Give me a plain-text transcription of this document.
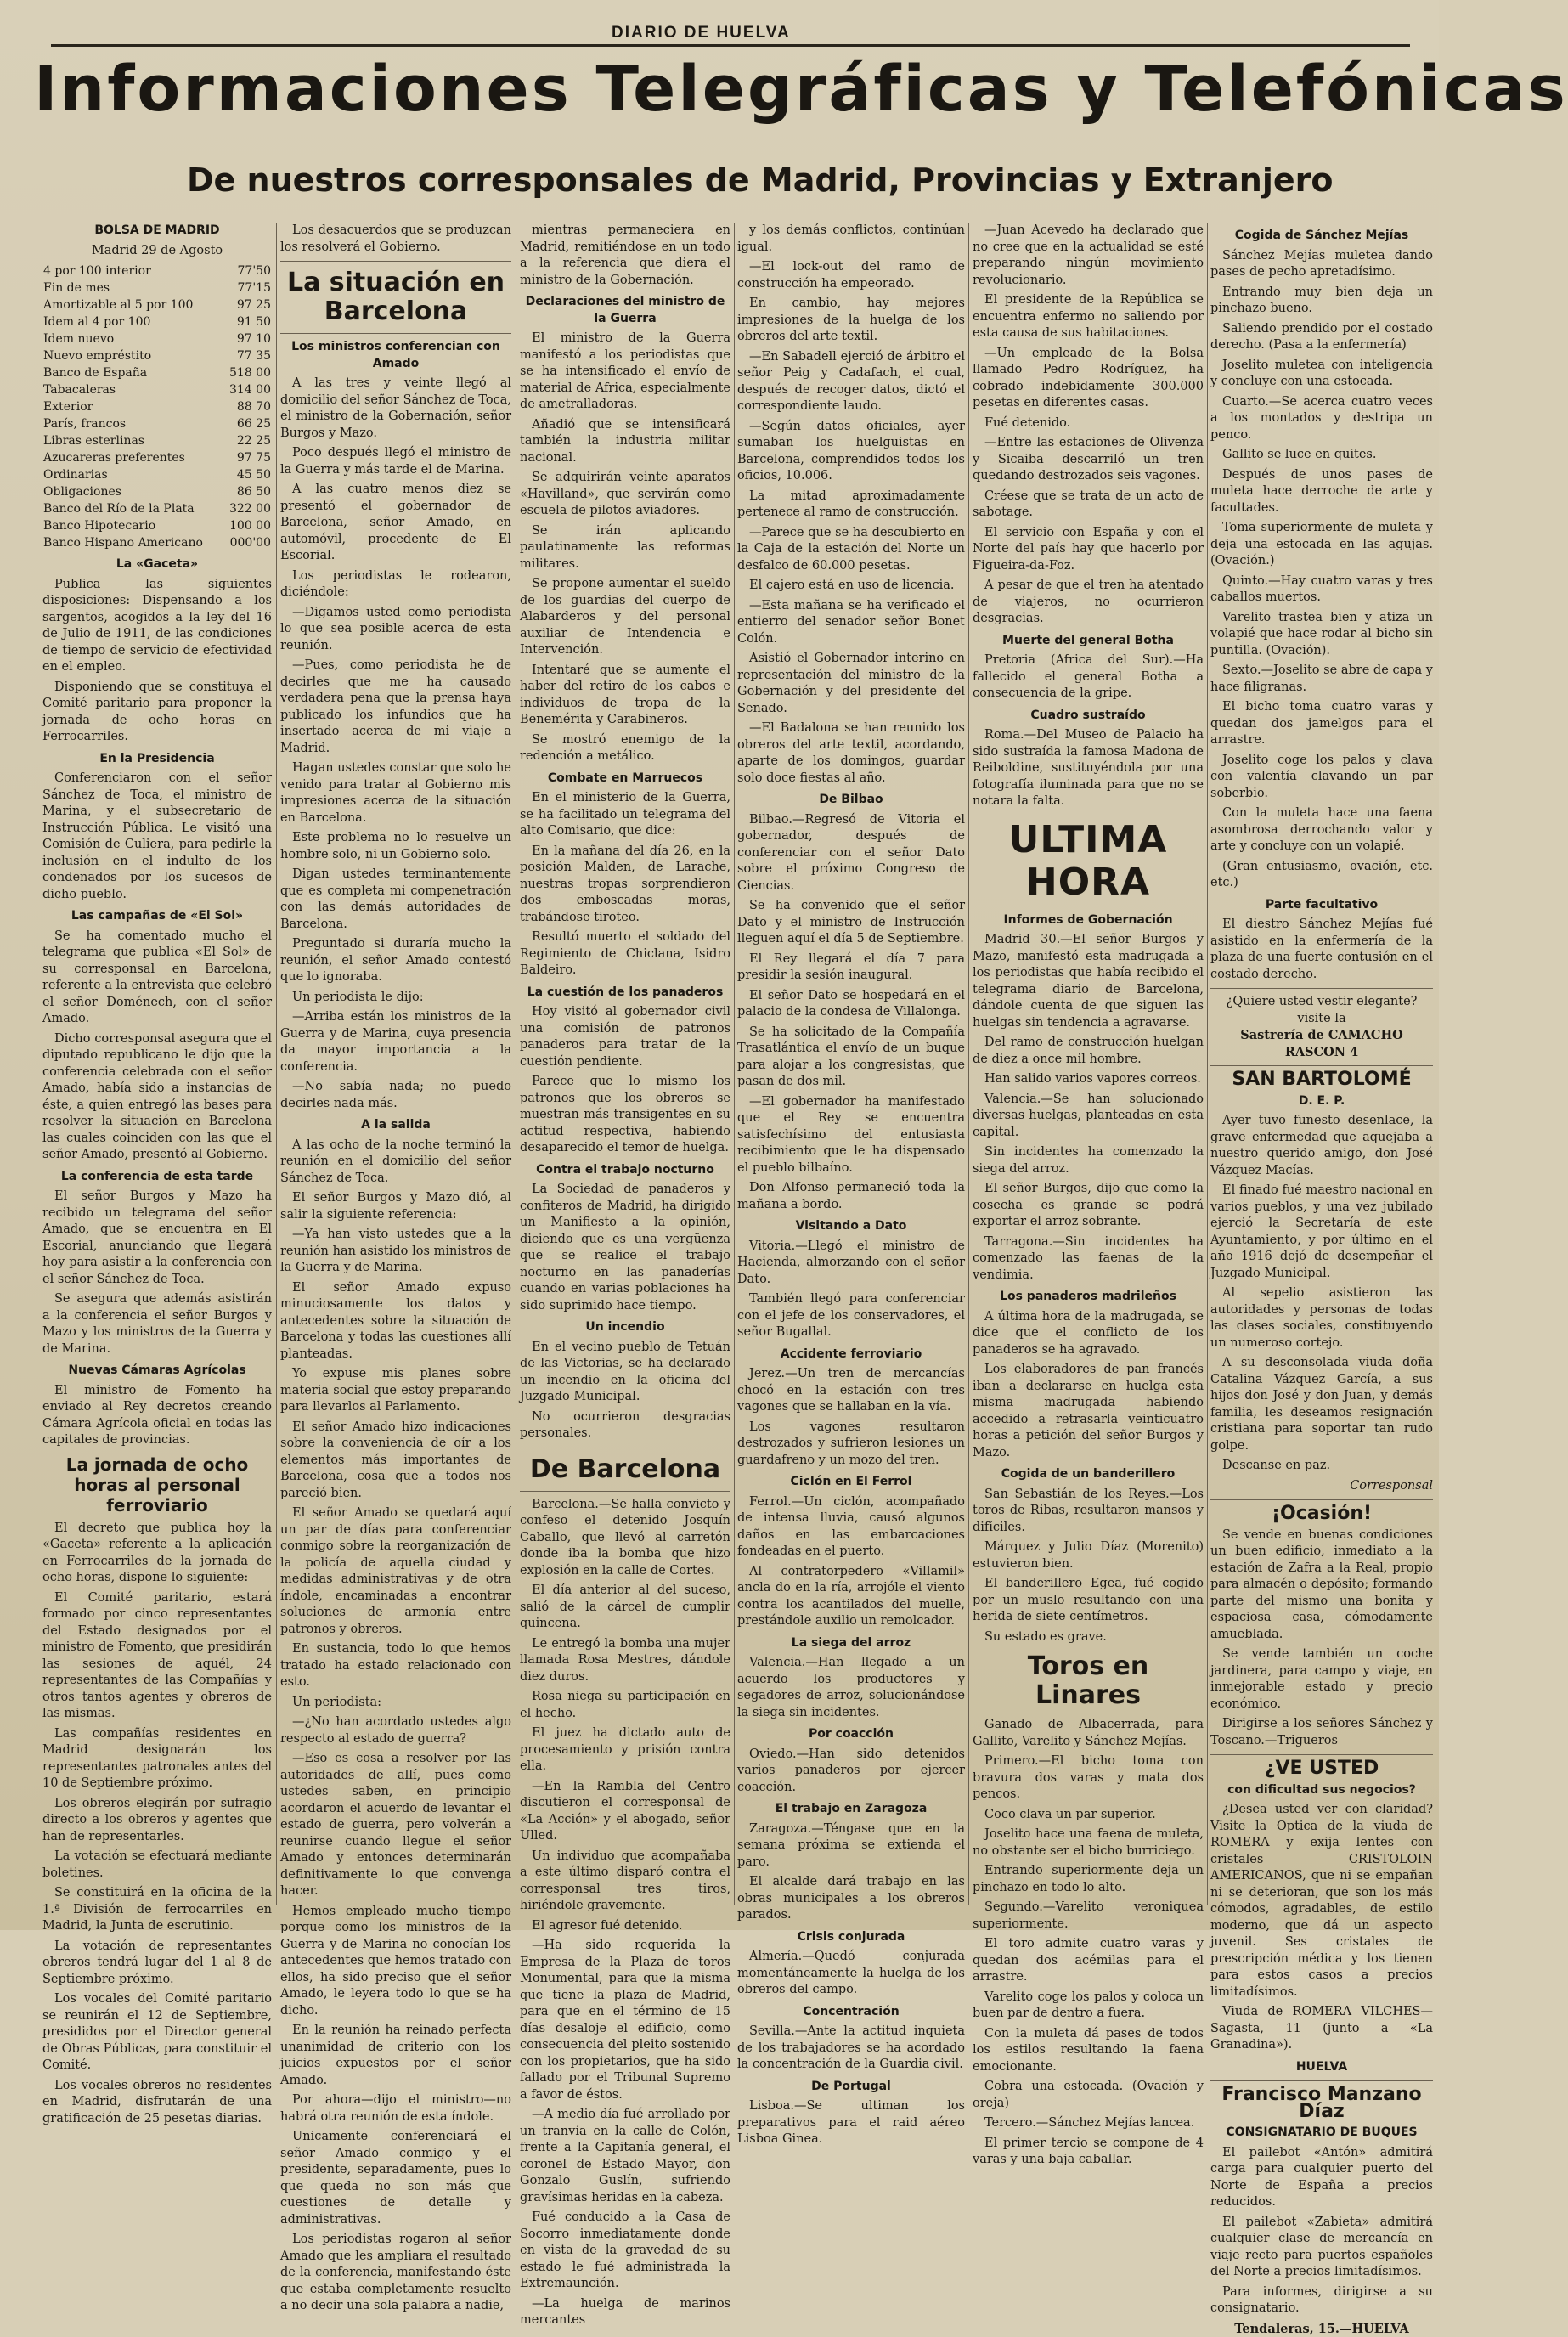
DIARIO DE HUELVA
Informaciones Telegráficas y Telefónicas
De nuestros corresponsales de Madrid, Provincias y Extranjero
BOLSA DE MADRID
Madrid 29 de Agosto
4 por 100 interior	77'50
Fin de mes	77'15
Amortizable al 5 por 100	97 25
Idem al 4 por 100	91 50
Idem nuevo	97 10
Nuevo empréstito	77 35
Banco de España	518 00
Tabacaleras	314 00
Exterior	88 70
París, francos	66 25
Libras esterlinas	22 25
Azucareras preferentes	97 75
Ordinarias	45 50
Obligaciones	86 50
Banco del Río de la Plata	322 00
Banco Hipotecario	100 00
Banco Hispano Americano	000'00
La «Gaceta»

Publica las siguientes disposiciones: Dispensando a los sargentos, acogidos a la ley del 16 de Julio de 1911, de las condiciones de tiempo de servicio de efectividad en el empleo.

Disponiendo que se constituya el Comité paritario para proponer la jornada de ocho horas en Ferrocarriles.

En la Presidencia

Conferenciaron con el señor Sánchez de Toca, el ministro de Marina, y el subsecretario de Instrucción Pública. Le visitó una Comisión de Culiera, para pedirle la inclusión en el indulto de los condenados por los sucesos de dicho pueblo.

Las campañas de «El Sol»

Se ha comentado mucho el telegrama que publica «El Sol» de su corresponsal en Barcelona, referente a la entrevista que celebró el señor Doménech, con el señor Amado.

Dicho corresponsal asegura que el diputado republicano le dijo que la conferencia celebrada con el señor Amado, había sido a instancias de éste, a quien entregó las bases para resolver la situación en Barcelona las cuales coinciden con las que el señor Amado, presentó al Gobierno.

La conferencia de esta tarde

El señor Burgos y Mazo ha recibido un telegrama del señor Amado, que se encuentra en El Escorial, anunciando que llegará hoy para asistir a la conferencia con el señor Sánchez de Toca.

Se asegura que además asistirán a la conferencia el señor Burgos y Mazo y los ministros de la Guerra y de Marina.

Nuevas Cámaras Agrícolas

El ministro de Fomento ha enviado al Rey decretos creando Cámara Agrícola oficial en todas las capitales de provincias.

La jornada de ocho horas al personal ferroviario

El decreto que publica hoy la «Gaceta» referente a la aplicación en Ferrocarriles de la jornada de ocho horas, dispone lo siguiente:

El Comité paritario, estará formado por cinco representantes del Estado designados por el ministro de Fomento, que presidirán las sesiones de aquél, 24 representantes de las Compañías y otros tantos agentes y obreros de las mismas.

Las compañías residentes en Madrid designarán los representantes patronales antes del 10 de Septiembre próximo.

Los obreros elegirán por sufragio directo a los obreros y agentes que han de representarles.

La votación se efectuará mediante boletines.

Se constituirá en la oficina de la 1.ª División de ferrocarriles en Madrid, la Junta de escrutinio.

La votación de representantes obreros tendrá lugar del 1 al 8 de Septiembre próximo.

Los vocales del Comité paritario se reunirán el 12 de Septiembre, presididos por el Director general de Obras Públicas, para constituir el Comité.

Los vocales obreros no residentes en Madrid, disfrutarán de una gratificación de 25 pesetas diarias.

Los desacuerdos que se produzcan los resolverá el Gobierno.

La situación en Barcelona
Los ministros conferencian con Amado

A las tres y veinte llegó al domicilio del señor Sánchez de Toca, el ministro de la Gobernación, señor Burgos y Mazo.

Poco después llegó el ministro de la Guerra y más tarde el de Marina.

A las cuatro menos diez se presentó el gobernador de Barcelona, señor Amado, en automóvil, procedente de El Escorial.

Los periodistas le rodearon, diciéndole:

—Digamos usted como periodista lo que sea posible acerca de esta reunión.

—Pues, como periodista he de decirles que me ha causado verdadera pena que la prensa haya publicado los infundios que ha insertado acerca de mi viaje a Madrid.

Hagan ustedes constar que solo he venido para tratar al Gobierno mis impresiones acerca de la situación en Barcelona.

Este problema no lo resuelve un hombre solo, ni un Gobierno solo.

Digan ustedes terminantemente que es completa mi compenetración con las demás autoridades de Barcelona.

Preguntado si duraría mucho la reunión, el señor Amado contestó que lo ignoraba.

Un periodista le dijo:

—Arriba están los ministros de la Guerra y de Marina, cuya presencia da mayor importancia a la conferencia.

—No sabía nada; no puedo decirles nada más.

A la salida

A las ocho de la noche terminó la reunión en el domicilio del señor Sánchez de Toca.

El señor Burgos y Mazo dió, al salir la siguiente referencia:

—Ya han visto ustedes que a la reunión han asistido los ministros de la Guerra y de Marina.

El señor Amado expuso minuciosamente los datos y antecedentes sobre la situación de Barcelona y todas las cuestiones allí planteadas.

Yo expuse mis planes sobre materia social que estoy preparando para llevarlos al Parlamento.

El señor Amado hizo indicaciones sobre la conveniencia de oír a los elementos más importantes de Barcelona, cosa que a todos nos pareció bien.

El señor Amado se quedará aquí un par de días para conferenciar conmigo sobre la reorganización de la policía de aquella ciudad y medidas administrativas y de otra índole, encaminadas a encontrar soluciones de armonía entre patronos y obreros.

En sustancia, todo lo que hemos tratado ha estado relacionado con esto.

Un periodista:

—¿No han acordado ustedes algo respecto al estado de guerra?

—Eso es cosa a resolver por las autoridades de allí, pues como ustedes saben, en principio acordaron el acuerdo de levantar el estado de guerra, pero volverán a reunirse cuando llegue el señor Amado y entonces determinarán definitivamente lo que convenga hacer.

Hemos empleado mucho tiempo porque como los ministros de la Guerra y de Marina no conocían los antecedentes que hemos tratado con ellos, ha sido preciso que el señor Amado, le leyera todo lo que se ha dicho.

En la reunión ha reinado perfecta unanimidad de criterio con los juicios expuestos por el señor Amado.

Por ahora—dijo el ministro—no habrá otra reunión de esta índole.

Unicamente conferenciará el señor Amado conmigo y el presidente, separadamente, pues lo que queda no son más que cuestiones de detalle y administrativas.

Los periodistas rogaron al señor Amado que les ampliara el resultado de la conferencia, manifestando éste que estaba completamente resuelto a no decir una sola palabra a nadie,

mientras permaneciera en Madrid, remitiéndose en un todo a la referencia que diera el ministro de la Gobernación.

Declaraciones del ministro de la Guerra

El ministro de la Guerra manifestó a los periodistas que se ha intensificado el envío de material de Africa, especialmente de ametralladoras.

Añadió que se intensificará también la industria militar nacional.

Se adquirirán veinte aparatos «Havilland», que servirán como escuela de pilotos aviadores.

Se irán aplicando paulatinamente las reformas militares.

Se propone aumentar el sueldo de los guardias del cuerpo de Alabarderos y del personal auxiliar de Intendencia e Intervención.

Intentaré que se aumente el haber del retiro de los cabos e individuos de tropa de la Benemérita y Carabineros.

Se mostró enemigo de la redención a metálico.

Combate en Marruecos

En el ministerio de la Guerra, se ha facilitado un telegrama del alto Comisario, que dice:

En la mañana del día 26, en la posición Malden, de Larache, nuestras tropas sorprendieron dos emboscadas moras, trabándose tiroteo.

Resultó muerto el soldado del Regimiento de Chiclana, Isidro Baldeiro.

La cuestión de los panaderos

Hoy visitó al gobernador civil una comisión de patronos panaderos para tratar de la cuestión pendiente.

Parece que lo mismo los patronos que los obreros se muestran más transigentes en su actitud respectiva, habiendo desaparecido el temor de huelga.

Contra el trabajo nocturno

La Sociedad de panaderos y confiteros de Madrid, ha dirigido un Manifiesto a la opinión, diciendo que es una vergüenza que se realice el trabajo nocturno en las panaderías cuando en varias poblaciones ha sido suprimido hace tiempo.

Un incendio

En el vecino pueblo de Tetuán de las Victorias, se ha declarado un incendio en la oficina del Juzgado Municipal.

No ocurrieron desgracias personales.

De Barcelona

Barcelona.—Se halla convicto y confeso el detenido Josquín Caballo, que llevó al carretón donde iba la bomba que hizo explosión en la calle de Cortes.

El día anterior al del suceso, salió de la cárcel de cumplir quincena.

Le entregó la bomba una mujer llamada Rosa Mestres, dándole diez duros.

Rosa niega su participación en el hecho.

El juez ha dictado auto de procesamiento y prisión contra ella.

—En la Rambla del Centro discutieron el corresponsal de «La Acción» y el abogado, señor Ulled.

Un individuo que acompañaba a este último disparó contra el corresponsal tres tiros, hiriéndole gravemente.

El agresor fué detenido.

—Ha sido requerida la Empresa de la Plaza de toros Monumental, para que la misma que tiene la plaza de Madrid, para que en el término de 15 días desaloje el edificio, como consecuencia del pleito sostenido con los propietarios, que ha sido fallado por el Tribunal Supremo a favor de éstos.

—A medio día fué arrollado por un tranvía en la calle de Colón, frente a la Capitanía general, el coronel de Estado Mayor, don Gonzalo Guslín, sufriendo gravísimas heridas en la cabeza.

Fué conducido a la Casa de Socorro inmediatamente donde en vista de la gravedad de su estado le fué administrada la Extremaunción.

—La huelga de marinos mercantes

y los demás conflictos, continúan igual.

—El lock-out del ramo de construcción ha empeorado.

En cambio, hay mejores impresiones de la huelga de los obreros del arte textil.

—En Sabadell ejerció de árbitro el señor Peig y Cadafach, el cual, después de recoger datos, dictó el correspondiente laudo.

—Según datos oficiales, ayer sumaban los huelguistas en Barcelona, comprendidos todos los oficios, 10.006.

La mitad aproximadamente pertenece al ramo de construcción.

—Parece que se ha descubierto en la Caja de la estación del Norte un desfalco de 60.000 pesetas.

El cajero está en uso de licencia.

—Esta mañana se ha verificado el entierro del senador señor Bonet Colón.

Asistió el Gobernador interino en representación del ministro de la Gobernación y del presidente del Senado.

—El Badalona se han reunido los obreros del arte textil, acordando, aparte de los domingos, guardar solo doce fiestas al año.

De Bilbao

Bilbao.—Regresó de Vitoria el gobernador, después de conferenciar con el señor Dato sobre el próximo Congreso de Ciencias.

Se ha convenido que el señor Dato y el ministro de Instrucción lleguen aquí el día 5 de Septiembre.

El Rey llegará el día 7 para presidir la sesión inaugural.

El señor Dato se hospedará en el palacio de la condesa de Villalonga.

Se ha solicitado de la Compañía Trasatlántica el envío de un buque para alojar a los congresistas, que pasan de dos mil.

—El gobernador ha manifestado que el Rey se encuentra satisfechísimo del entusiasta recibimiento que le ha dispensado el pueblo bilbaíno.

Don Alfonso permaneció toda la mañana a bordo.

Visitando a Dato

Vitoria.—Llegó el ministro de Hacienda, almorzando con el señor Dato.

También llegó para conferenciar con el jefe de los conservadores, el señor Bugallal.

Accidente ferroviario

Jerez.—Un tren de mercancías chocó en la estación con tres vagones que se hallaban en la vía.

Los vagones resultaron destrozados y sufrieron lesiones un guardafreno y un mozo del tren.

Ciclón en El Ferrol

Ferrol.—Un ciclón, acompañado de intensa lluvia, causó algunos daños en las embarcaciones fondeadas en el puerto.

Al contratorpedero «Villamil» ancla do en la ría, arrojóle el viento contra los acantilados del muelle, prestándole auxilio un remolcador.

La siega del arroz

Valencia.—Han llegado a un acuerdo los productores y segadores de arroz, solucionándose la siega sin incidentes.

Por coacción

Oviedo.—Han sido detenidos varios panaderos por ejercer coacción.

El trabajo en Zaragoza

Zaragoza.—Téngase que en la semana próxima se extienda el paro.

El alcalde dará trabajo en las obras municipales a los obreros parados.

Crisis conjurada

Almería.—Quedó conjurada momentáneamente la huelga de los obreros del campo.

Concentración

Sevilla.—Ante la actitud inquieta de los trabajadores se ha acordado la concentración de la Guardia civil.

De Portugal

Lisboa.—Se ultiman los preparativos para el raid aéreo Lisboa Ginea.

—Juan Acevedo ha declarado que no cree que en la actualidad se esté preparando ningún movimiento revolucionario.

El presidente de la República se encuentra enfermo no saliendo por esta causa de sus habitaciones.

—Un empleado de la Bolsa llamado Pedro Rodríguez, ha cobrado indebidamente 300.000 pesetas en diferentes casas.

Fué detenido.

—Entre las estaciones de Olivenza y Sicaiba descarriló un tren quedando destrozados seis vagones.

Créese que se trata de un acto de sabotage.

El servicio con España y con el Norte del país hay que hacerlo por Figueira-da-Foz.

A pesar de que el tren ha atentado de viajeros, no ocurrieron desgracias.

Muerte del general Botha

Pretoria (Africa del Sur).—Ha fallecido el general Botha a consecuencia de la gripe.

Cuadro sustraído

Roma.—Del Museo de Palacio ha sido sustraída la famosa Madona de Reiboldine, sustituyéndola por una fotografía iluminada para que no se notara la falta.

ULTIMA HORA
Informes de Gobernación

Madrid 30.—El señor Burgos y Mazo, manifestó esta madrugada a los periodistas que había recibido el telegrama diario de Barcelona, dándole cuenta de que siguen las huelgas sin tendencia a agravarse.

Del ramo de construcción huelgan de diez a once mil hombre.

Han salido varios vapores correos.

Valencia.—Se han solucionado diversas huelgas, planteadas en esta capital.

Sin incidentes ha comenzado la siega del arroz.

El señor Burgos, dijo que como la cosecha es grande se podrá exportar el arroz sobrante.

Tarragona.—Sin incidentes ha comenzado las faenas de la vendimia.

Los panaderos madrileños

A última hora de la madrugada, se dice que el conflicto de los panaderos se ha agravado.

Los elaboradores de pan francés iban a declararse en huelga esta misma madrugada habiendo accedido a retrasarla veinticuatro horas a petición del señor Burgos y Mazo.

Cogida de un banderillero

San Sebastián de los Reyes.—Los toros de Ribas, resultaron mansos y difíciles.

Márquez y Julio Díaz (Morenito) estuvieron bien.

El banderillero Egea, fué cogido por un muslo resultando con una herida de siete centímetros.

Su estado es grave.

Toros en Linares

Ganado de Albacerrada, para Gallito, Varelito y Sánchez Mejías.

Primero.—El bicho toma con bravura dos varas y mata dos pencos.

Coco clava un par superior.

Joselito hace una faena de muleta, no obstante ser el bicho burriciego.

Entrando superiormente deja un pinchazo en todo lo alto.

Segundo.—Varelito veroniquea superiormente.

El toro admite cuatro varas y quedan dos acémilas para el arrastre.

Varelito coge los palos y coloca un buen par de dentro a fuera.

Con la muleta dá pases de todos los estilos resultando la faena emocionante.

Cobra una estocada. (Ovación y oreja)

Tercero.—Sánchez Mejías lancea.

El primer tercio se compone de 4 varas y una baja caballar.

Cogida de Sánchez Mejías

Sánchez Mejías muletea dando pases de pecho apretadísimo.

Entrando muy bien deja un pinchazo bueno.

Saliendo prendido por el costado derecho. (Pasa a la enfermería)

Joselito muletea con inteligencia y concluye con una estocada.

Cuarto.—Se acerca cuatro veces a los montados y destripa un penco.

Gallito se luce en quites.

Después de unos pases de muleta hace derroche de arte y facultades.

Toma superiormente de muleta y deja una estocada en las agujas. (Ovación.)

Quinto.—Hay cuatro varas y tres caballos muertos.

Varelito trastea bien y atiza un volapié que hace rodar al bicho sin puntilla. (Ovación).

Sexto.—Joselito se abre de capa y hace filigranas.

El bicho toma cuatro varas y quedan dos jamelgos para el arrastre.

Joselito coge los palos y clava con valentía clavando un par soberbio.

Con la muleta hace una faena asombrosa derrochando valor y arte y concluye con un volapié.

(Gran entusiasmo, ovación, etc. etc.)

Parte facultativo

El diestro Sánchez Mejías fué asistido en la enfermería de la plaza de una fuerte contusión en el costado derecho.

¿Quiere usted vestir elegante?
visite la
Sastrería de CAMACHO
RASCON 4
SAN BARTOLOMÉ
D. E. P.

Ayer tuvo funesto desenlace, la grave enfermedad que aquejaba a nuestro querido amigo, don José Vázquez Macías.

El finado fué maestro nacional en varios pueblos, y una vez jubilado ejerció la Secretaría de este Ayuntamiento, y por último en el año 1916 dejó de desempeñar el Juzgado Municipal.

Al sepelio asistieron las autoridades y personas de todas las clases sociales, constituyendo un numeroso cortejo.

A su desconsolada viuda doña Catalina Vázquez García, a sus hijos don José y don Juan, y demás familia, les deseamos resignación cristiana para soportar tan rudo golpe.

Descanse en paz.

Corresponsal
¡Ocasión!

Se vende en buenas condiciones un buen edificio, inmediato a la estación de Zafra a la Real, propio para almacén o depósito; formando parte del mismo una bonita y espaciosa casa, cómodamente amueblada.

Se vende también un coche jardinera, para campo y viaje, en inmejorable estado y precio económico.

Dirigirse a los señores Sánchez y Toscano.—Trigueros

¿VE USTED
con dificultad sus negocios?

¿Desea usted ver con claridad? Visite la Optica de la viuda de ROMERA y exija lentes con cristales CRISTOLOIN AMERICANOS, que ni se empañan ni se deterioran, que son los más cómodos, agradables, de estilo moderno, que dá un aspecto juvenil. Ses cristales de prescripción médica y los tienen para estos casos a precios limitadísimos.

Viuda de ROMERA VILCHES—Sagasta, 11 (junto a «La Granadina»).

HUELVA
Francisco Manzano Díaz
CONSIGNATARIO DE BUQUES

El pailebot «Antón» admitirá carga para cualquier puerto del Norte de España a precios reducidos.

El pailebot «Zabieta» admitirá cualquier clase de mercancía en viaje recto para puertos españoles del Norte a precios limitadísimos.

Para informes, dirigirse a su consignatario.

Tendaleras, 15.—HUELVA
